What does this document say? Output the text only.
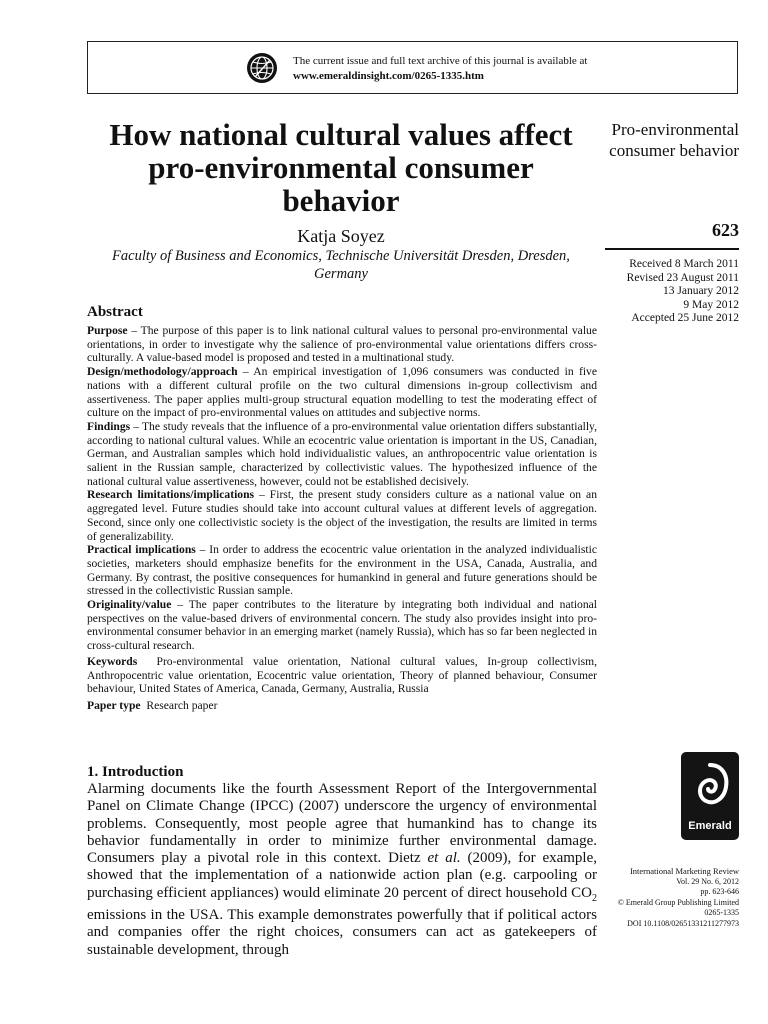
The current issue and full text archive of this journal is available at
www.emeraldinsight.com/0265-1335.htm
How national cultural values affect pro-environmental consumer behavior
Katja Soyez
Faculty of Business and Economics, Technische Universität Dresden, Dresden, Germany
Pro-environmental consumer behavior
623
Received 8 March 2011
Revised 23 August 2011
13 January 2012
9 May 2012
Accepted 25 June 2012
Abstract

Purpose – The purpose of this paper is to link national cultural values to personal pro-environmental value orientations, in order to investigate why the salience of pro-environmental value orientations differs cross-culturally. A value-based model is proposed and tested in a multinational study.

Design/methodology/approach – An empirical investigation of 1,096 consumers was conducted in five nations with a different cultural profile on the two cultural dimensions in-group collectivism and assertiveness. The paper applies multi-group structural equation modelling to test the moderating effect of culture on the impact of pro-environmental values on attitudes and subjective norms.

Findings – The study reveals that the influence of a pro-environmental value orientation differs substantially, according to national cultural values. While an ecocentric value orientation is important in the US, Canadian, German, and Australian samples which hold individualistic values, an anthropocentric value orientation is salient in the Russian sample, characterized by collectivistic values. The hypothesized influence of the national cultural value assertiveness, however, could not be established decisively.

Research limitations/implications – First, the present study considers culture as a national value on an aggregated level. Future studies should take into account cultural values at different levels of aggregation. Second, since only one collectivistic society is the object of the investigation, the results are limited in terms of generalizability.

Practical implications – In order to address the ecocentric value orientation in the analyzed individualistic societies, marketers should emphasize benefits for the environment in the USA, Canada, Australia, and Germany. By contrast, the positive consequences for humankind in general and future generations should be stressed in the collectivistic Russian sample.

Originality/value – The paper contributes to the literature by integrating both individual and national perspectives on the value-based drivers of environmental concern. The study also provides insight into pro-environmental consumer behavior in an emerging market (namely Russia), which has so far been neglected in cross-cultural research.

Keywords  Pro-environmental value orientation, National cultural values, In-group collectivism, Anthropocentric value orientation, Ecocentric value orientation, Theory of planned behaviour, Consumer behaviour, United States of America, Canada, Germany, Australia, Russia

Paper type  Research paper

1. Introduction

Alarming documents like the fourth Assessment Report of the Intergovernmental Panel on Climate Change (IPCC) (2007) underscore the urgency of environmental problems. Consequently, most people agree that humankind has to change its behavior fundamentally in order to minimize further environmental damage. Consumers play a pivotal role in this context. Dietz et al. (2009), for example, showed that the implementation of a nationwide action plan (e.g. carpooling or purchasing efficient appliances) would eliminate 20 percent of direct household $CO_2$ emissions in the USA. This example demonstrates powerfully that if political actors and companies offer the right choices, consumers can act as gatekeepers of sustainable development, through

Emerald
International Marketing Review
Vol. 29 No. 6, 2012
pp. 623-646
© Emerald Group Publishing Limited
0265-1335
DOI 10.1108/02651331211277973
